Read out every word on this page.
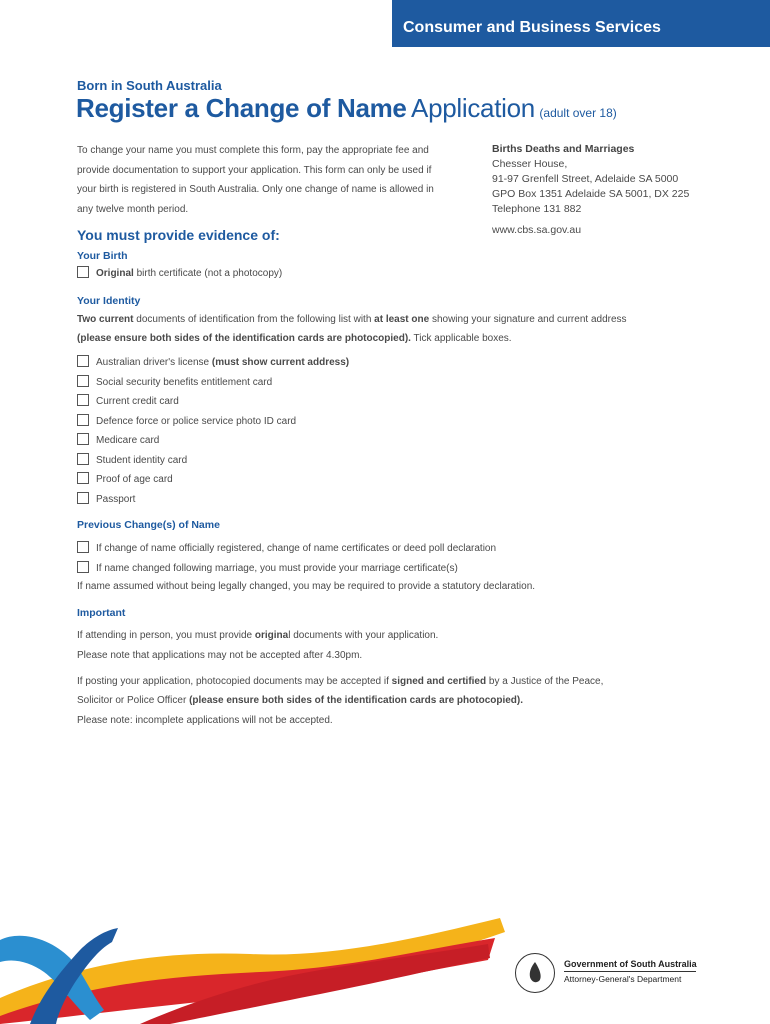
Consumer and Business Services
Born in South Australia
Register a Change of Name Application (adult over 18)
To change your name you must complete this form, pay the appropriate fee and provide documentation to support your application. This form can only be used if your birth is registered in South Australia. Only one change of name is allowed in any twelve month period.
Births Deaths and Marriages
Chesser House,
91-97 Grenfell Street, Adelaide SA 5000
GPO Box 1351 Adelaide SA 5001, DX 225
Telephone 131 882
www.cbs.sa.gov.au
You must provide evidence of:
Your Birth
Original birth certificate (not a photocopy)
Your Identity
Two current documents of identification from the following list with at least one showing your signature and current address
(please ensure both sides of the identification cards are photocopied). Tick applicable boxes.
Australian driver's license (must show current address)
Social security benefits entitlement card
Current credit card
Defence force or police service photo ID card
Medicare card
Student identity card
Proof of age card
Passport
Previous Change(s) of Name
If change of name officially registered, change of name certificates or deed poll declaration
If name changed following marriage, you must provide your marriage certificate(s)
If name assumed without being legally changed, you may be required to provide a statutory declaration.
Important
If attending in person, you must provide original documents with your application.
Please note that applications may not be accepted after 4.30pm.
If posting your application, photocopied documents may be accepted if signed and certified by a Justice of the Peace,
Solicitor or Police Officer (please ensure both sides of the identification cards are photocopied).
Please note: incomplete applications will not be accepted.
Government of South Australia
Attorney-General's Department
